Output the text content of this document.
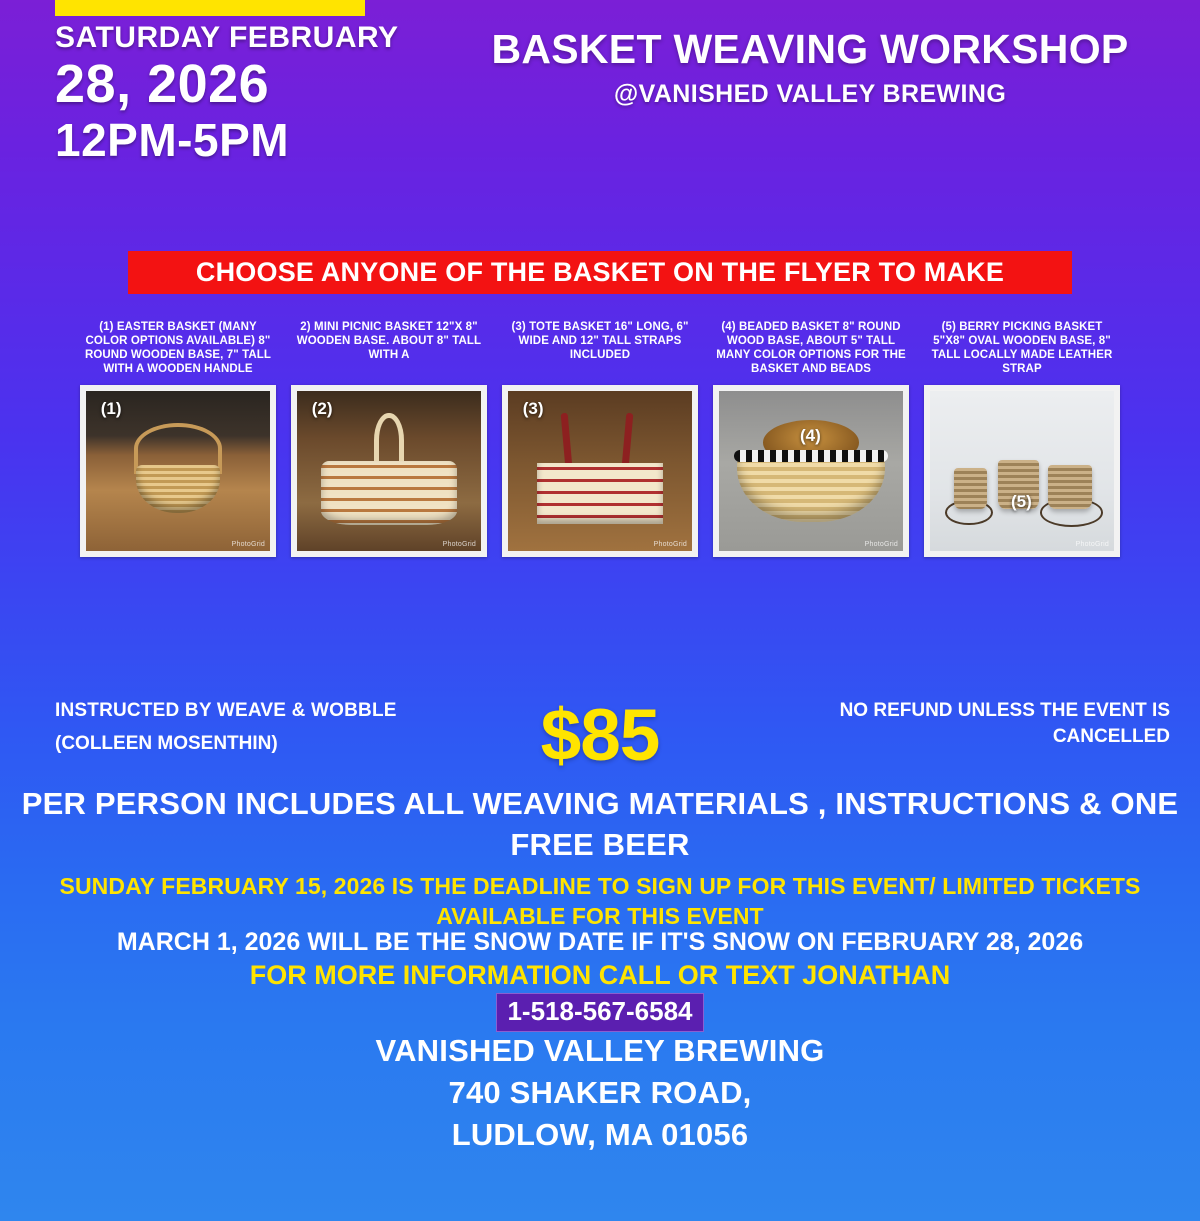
SATURDAY FEBRUARY
28, 2026
12PM-5PM
BASKET WEAVING WORKSHOP
@VANISHED VALLEY BREWING
CHOOSE ANYONE OF THE BASKET ON THE FLYER TO MAKE
(1) EASTER BASKET (MANY COLOR OPTIONS AVAILABLE) 8" ROUND WOODEN BASE, 7" TALL WITH A WOODEN HANDLE
(1)
PhotoGrid
2) MINI PICNIC BASKET 12"X 8" WOODEN BASE. ABOUT 8" TALL WITH A
(2)
PhotoGrid
(3) TOTE BASKET 16" LONG, 6" WIDE AND 12" TALL STRAPS INCLUDED
(3)
PhotoGrid
(4) BEADED BASKET 8" ROUND WOOD BASE, ABOUT 5" TALL MANY COLOR OPTIONS FOR THE BASKET AND BEADS
(4)
PhotoGrid
(5) BERRY PICKING BASKET 5"X8" OVAL WOODEN BASE, 8" TALL LOCALLY MADE LEATHER STRAP
(5)
PhotoGrid
INSTRUCTED BY WEAVE & WOBBLE
(COLLEEN MOSENTHIN)
NO REFUND UNLESS THE EVENT IS CANCELLED
$85
PER PERSON INCLUDES ALL WEAVING MATERIALS , INSTRUCTIONS & ONE FREE BEER
SUNDAY FEBRUARY 15, 2026 IS THE DEADLINE TO SIGN UP FOR THIS EVENT/ LIMITED TICKETS AVAILABLE FOR THIS EVENT
MARCH 1, 2026 WILL BE THE SNOW DATE IF IT'S SNOW ON FEBRUARY 28, 2026
FOR MORE INFORMATION CALL OR TEXT JONATHAN
1-518-567-6584
VANISHED VALLEY BREWING
740 SHAKER ROAD,
LUDLOW, MA 01056
